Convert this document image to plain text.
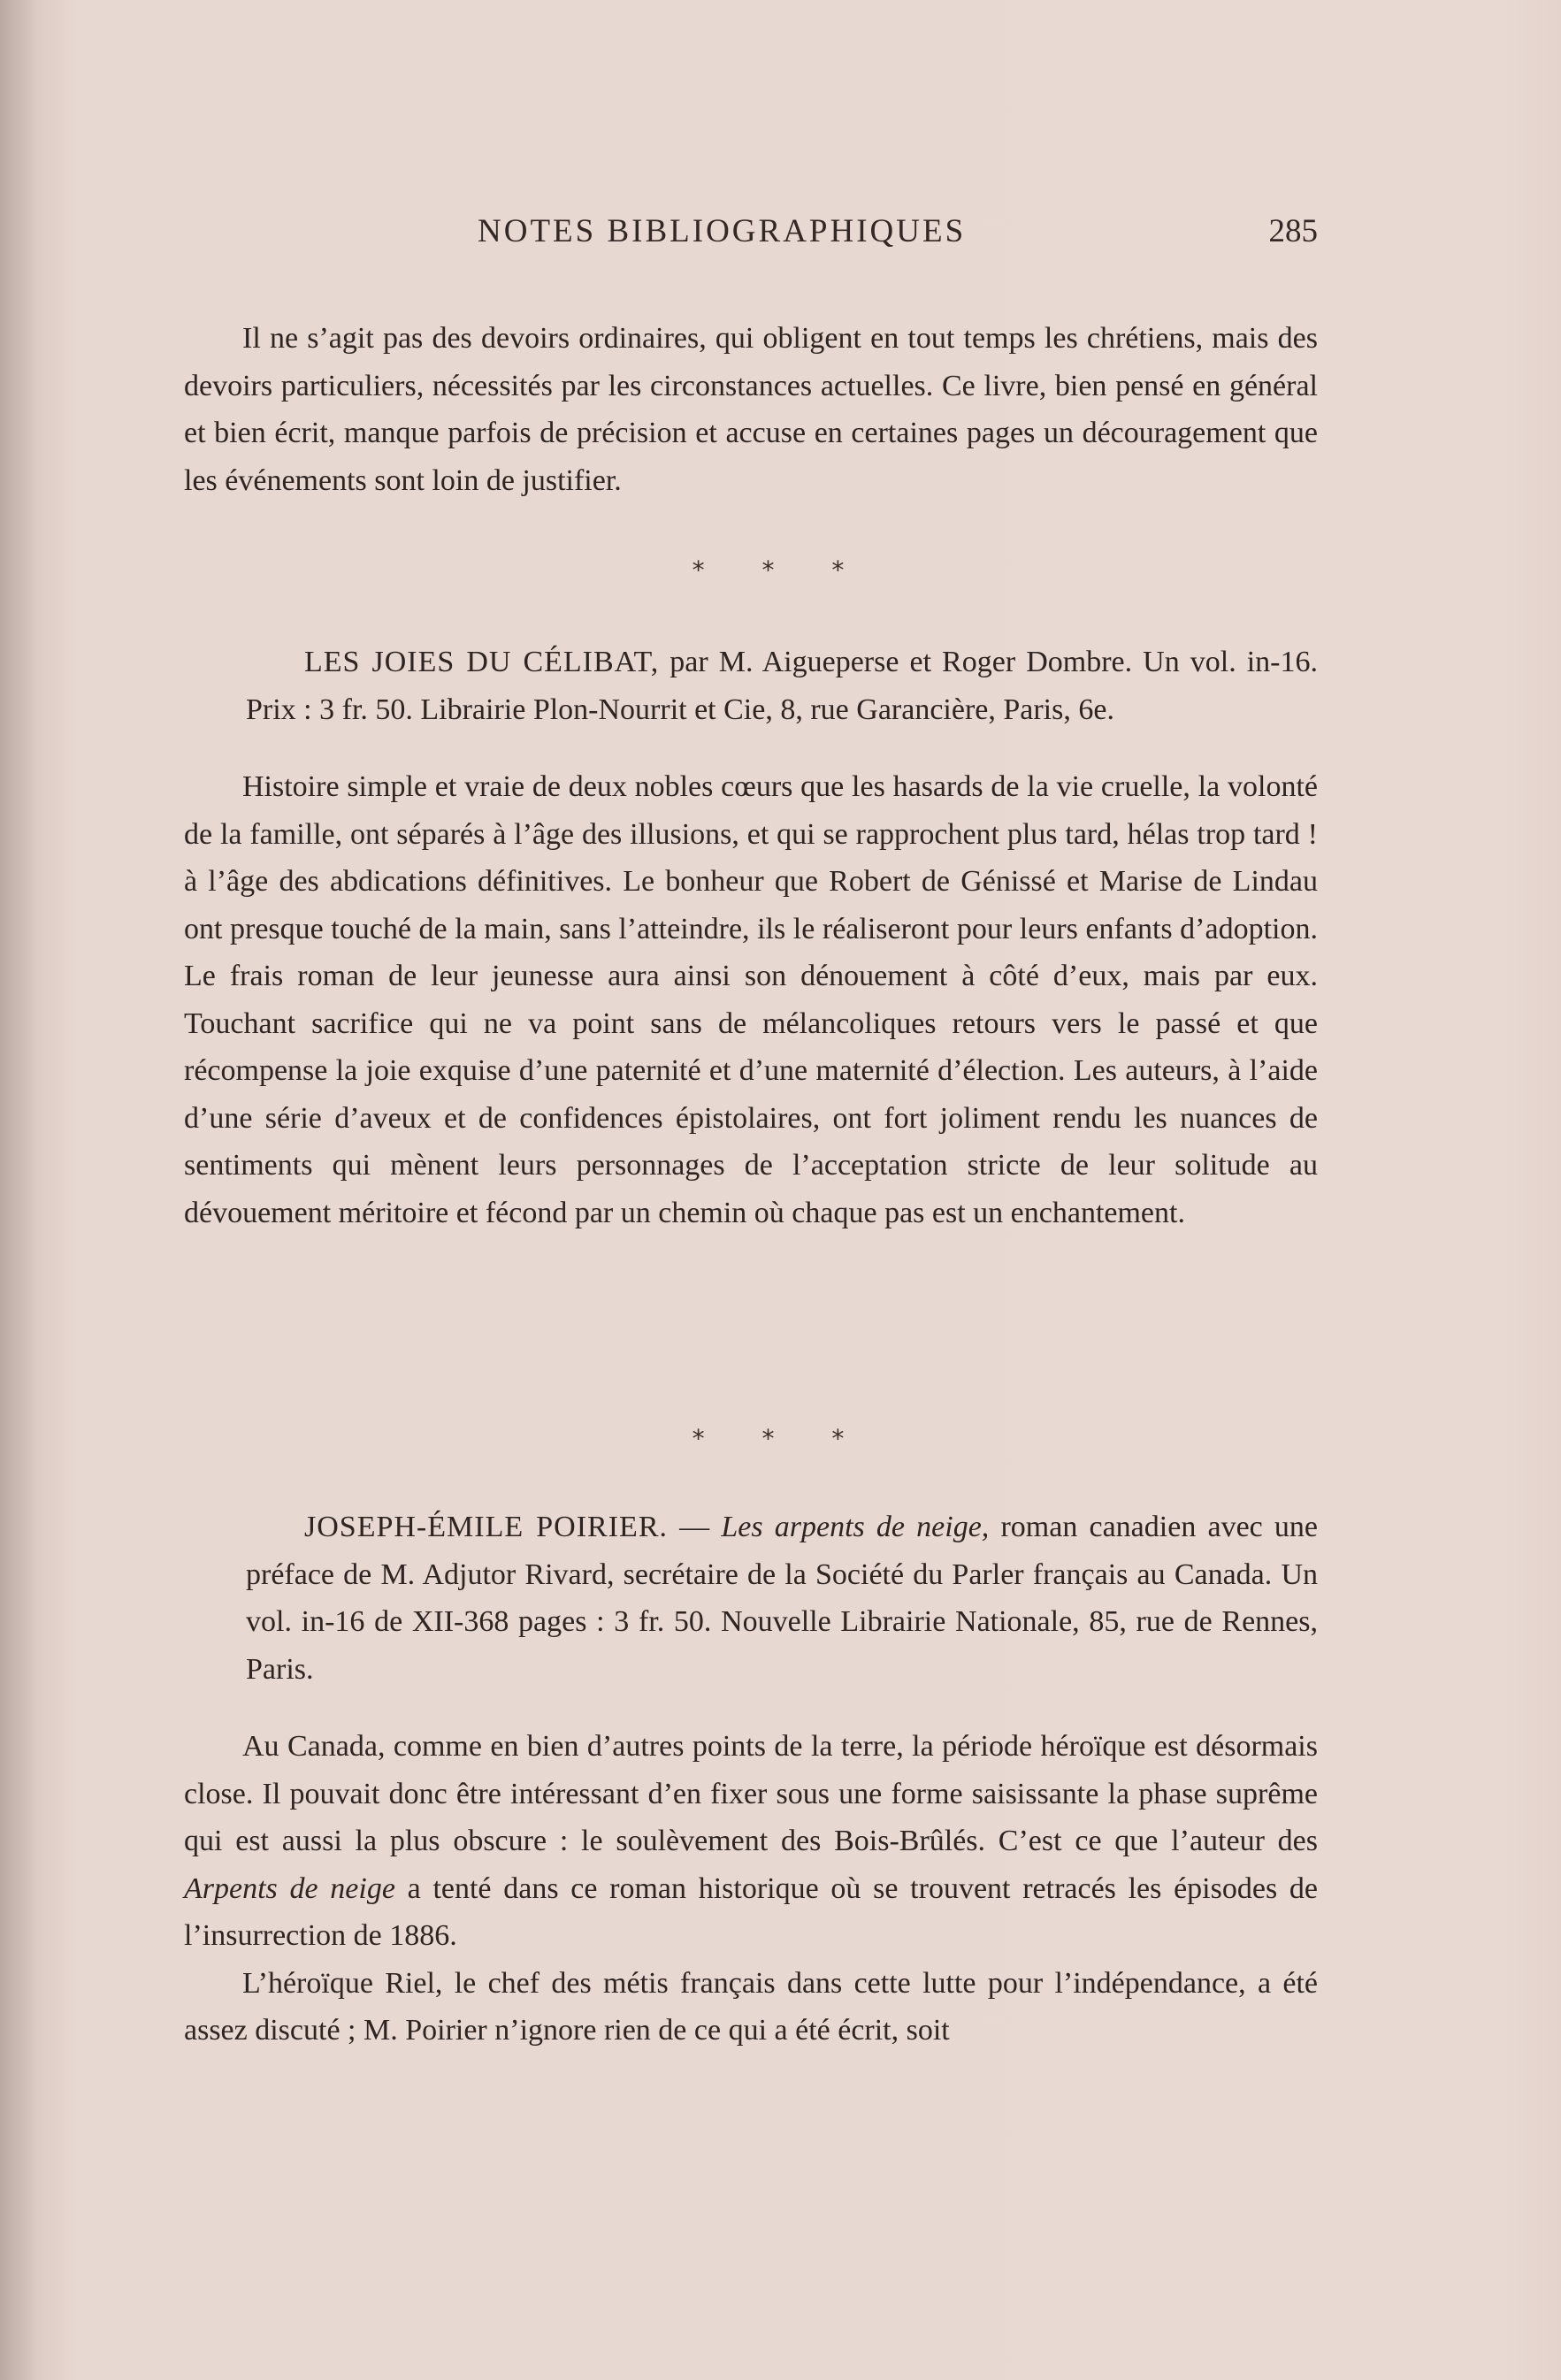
NOTES BIBLIOGRAPHIQUES	285

Il ne s’agit pas des devoirs ordinaires, qui obligent en tout temps les chrétiens, mais des devoirs particuliers, nécessités par les circonstances actuelles. Ce livre, bien pensé en général et bien écrit, manque parfois de précision et accuse en certaines pages un découragement que les événements sont loin de justifier.

* * *

LES JOIES DU CÉLIBAT, par M. Aigueperse et Roger Dombre. Un vol. in-16. Prix : 3 fr. 50. Librairie Plon-Nourrit et Cie, 8, rue Garancière, Paris, 6e.

Histoire simple et vraie de deux nobles cœurs que les hasards de la vie cruelle, la volonté de la famille, ont séparés à l’âge des illusions, et qui se rapprochent plus tard, hélas trop tard ! à l’âge des abdications définitives. Le bonheur que Robert de Génissé et Marise de Lindau ont presque touché de la main, sans l’atteindre, ils le réaliseront pour leurs enfants d’adoption. Le frais roman de leur jeunesse aura ainsi son dénouement à côté d’eux, mais par eux. Touchant sacrifice qui ne va point sans de mélancoliques retours vers le passé et que récompense la joie exquise d’une paternité et d’une maternité d’élection. Les auteurs, à l’aide d’une série d’aveux et de confidences épistolaires, ont fort joliment rendu les nuances de sentiments qui mènent leurs personnages de l’acceptation stricte de leur solitude au dévouement méritoire et fécond par un chemin où chaque pas est un enchantement.

* * *

JOSEPH-ÉMILE POIRIER. — Les arpents de neige, roman canadien avec une préface de M. Adjutor Rivard, secrétaire de la Société du Parler français au Canada. Un vol. in-16 de XII-368 pages : 3 fr. 50. Nouvelle Librairie Nationale, 85, rue de Rennes, Paris.

Au Canada, comme en bien d’autres points de la terre, la période héroïque est désormais close. Il pouvait donc être intéressant d’en fixer sous une forme saisissante la phase suprême qui est aussi la plus obscure : le soulèvement des Bois-Brûlés. C’est ce que l’auteur des Arpents de neige a tenté dans ce roman historique où se trouvent retracés les épisodes de l’insurrection de 1886.

L’héroïque Riel, le chef des métis français dans cette lutte pour l’indépendance, a été assez discuté ; M. Poirier n’ignore rien de ce qui a été écrit, soit
